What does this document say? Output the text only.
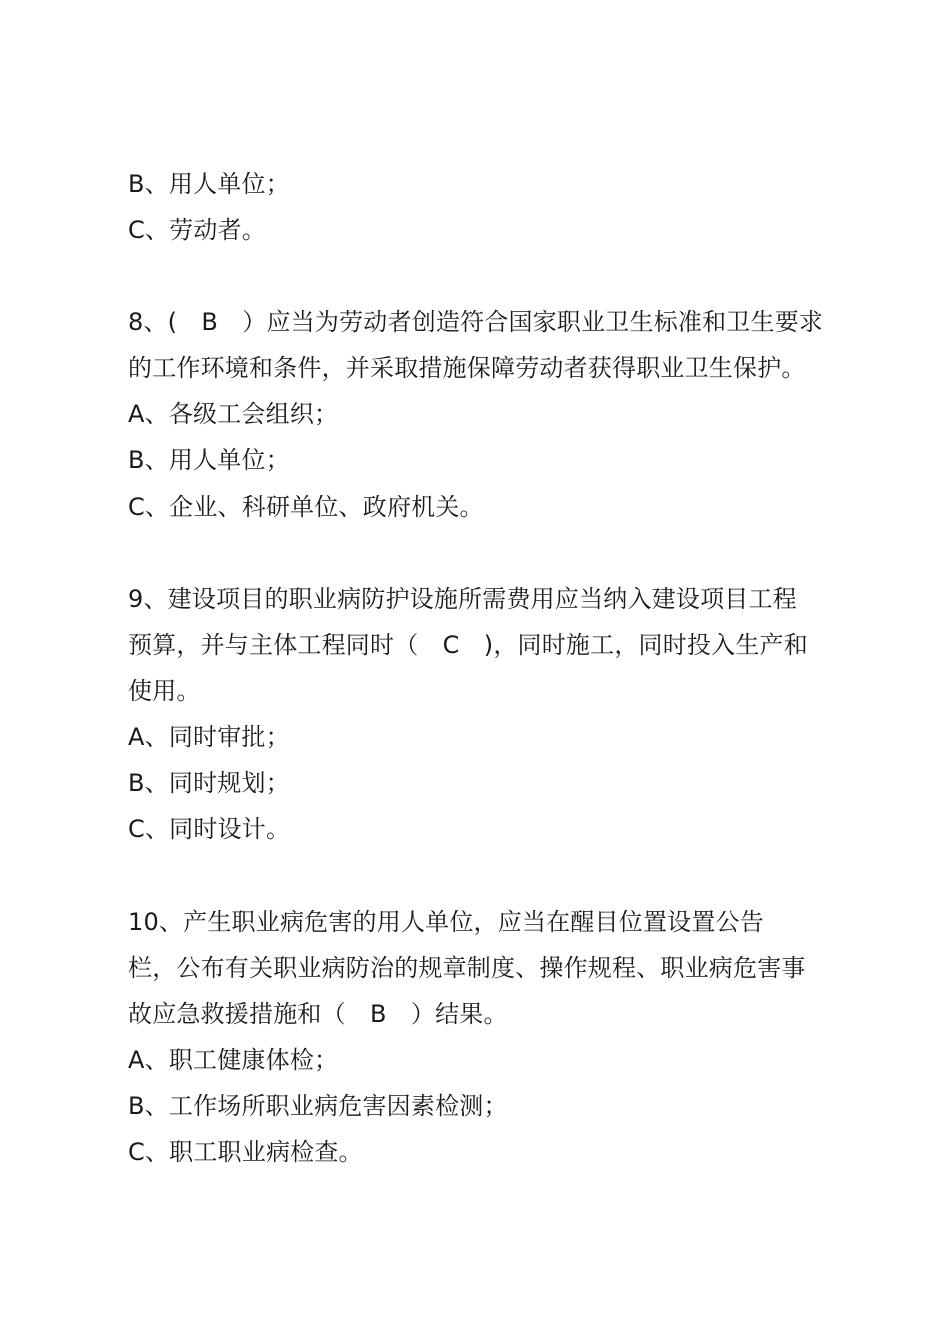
B、用人单位；
C、劳动者。
8、(　B　）应当为劳动者创造符合国家职业卫生标准和卫生要求
的工作环境和条件，并采取措施保障劳动者获得职业卫生保护。
A、各级工会组织；
B、用人单位；
C、企业、科研单位、政府机关。
9、建设项目的职业病防护设施所需费用应当纳入建设项目工程
预算，并与主体工程同时（　C　)，同时施工，同时投入生产和
使用。
A、同时审批；
B、同时规划；
C、同时设计。
10、产生职业病危害的用人单位，应当在醒目位置设置公告
栏，公布有关职业病防治的规章制度、操作规程、职业病危害事
故应急救援措施和（　B　）结果。
A、职工健康体检；
B、工作场所职业病危害因素检测；
C、职工职业病检查。
